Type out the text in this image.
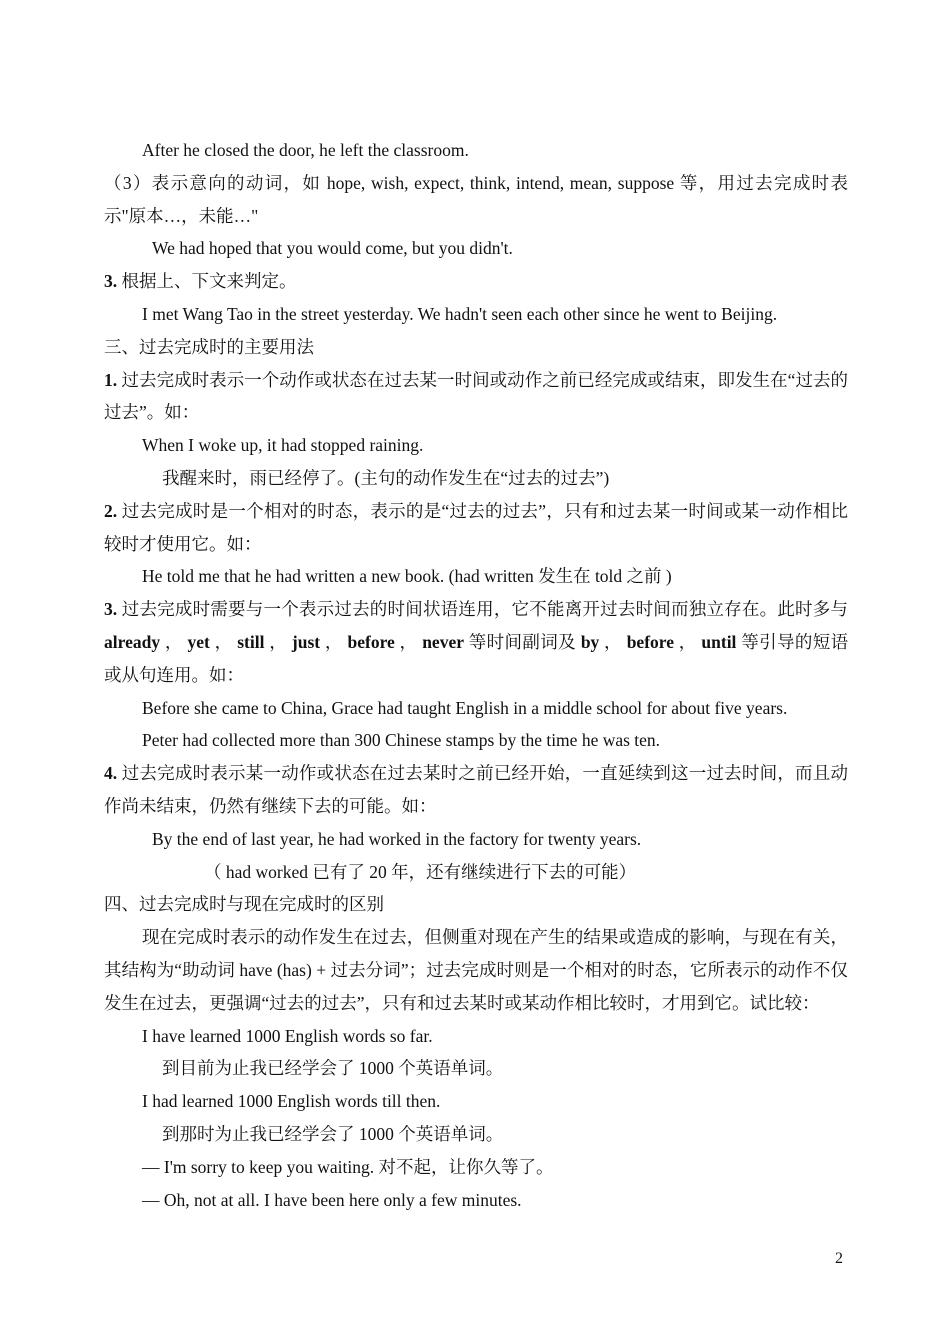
After he closed the door, he left the classroom.
（3）表示意向的动词，如 hope, wish, expect, think, intend, mean, suppose 等，用过去完成时表示"原本…，未能…"
We had hoped that you would come, but you didn't.
3. 根据上、下文来判定。
I met Wang Tao in the street yesterday. We hadn't seen each other since he went to Beijing.
三、过去完成时的主要用法
1. 过去完成时表示一个动作或状态在过去某一时间或动作之前已经完成或结束，即发生在“过去的过去”。如：
When I woke up, it had stopped raining.
我醒来时，雨已经停了。(主句的动作发生在“过去的过去”)
2. 过去完成时是一个相对的时态，表示的是“过去的过去”，只有和过去某一时间或某一动作相比较时才使用它。如：
He told me that he had written a new book. (had written 发生在 told 之前 )
3. 过去完成时需要与一个表示过去的时间状语连用，它不能离开过去时间而独立存在。此时多与 already ， yet ， still ， just ， before ， never 等时间副词及 by ， before ， until 等引导的短语或从句连用。如：
Before she came to China, Grace had taught English in a middle school for about five years.
Peter had collected more than 300 Chinese stamps by the time he was ten.
4. 过去完成时表示某一动作或状态在过去某时之前已经开始，一直延续到这一过去时间，而且动作尚未结束，仍然有继续下去的可能。如：
By the end of last year, he had worked in the factory for twenty years.
（ had worked 已有了 20 年，还有继续进行下去的可能）
四、过去完成时与现在完成时的区别
现在完成时表示的动作发生在过去，但侧重对现在产生的结果或造成的影响，与现在有关，其结构为“助动词 have (has) + 过去分词”；过去完成时则是一个相对的时态，它所表示的动作不仅发生在过去，更强调“过去的过去”，只有和过去某时或某动作相比较时，才用到它。试比较：
I have learned 1000 English words so far.
到目前为止我已经学会了 1000 个英语单词。
I had learned 1000 English words till then.
到那时为止我已经学会了 1000 个英语单词。
— I'm sorry to keep you waiting. 对不起，让你久等了。
— Oh, not at all. I have been here only a few minutes.
2
